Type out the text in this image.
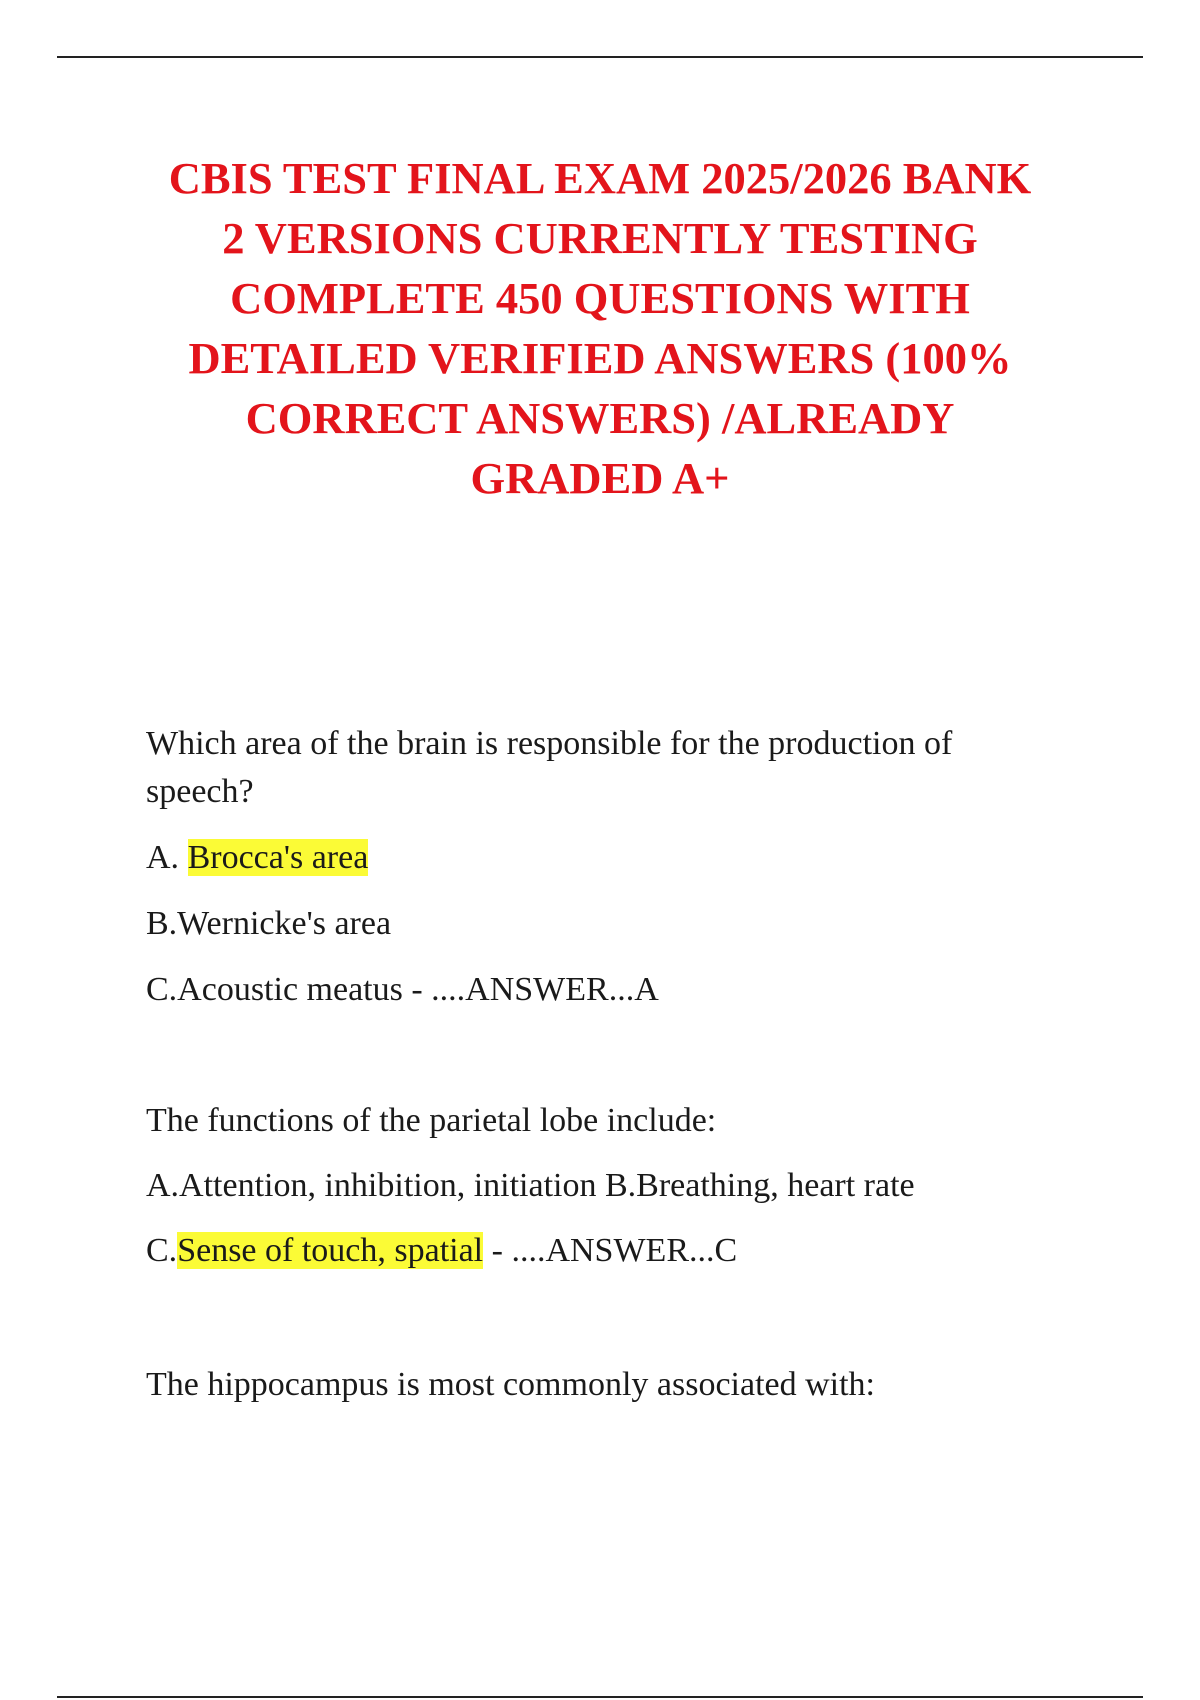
CBIS TEST FINAL EXAM 2025/2026 BANK
2 VERSIONS CURRENTLY TESTING
COMPLETE 450 QUESTIONS WITH
DETAILED VERIFIED ANSWERS (100%
CORRECT ANSWERS) /ALREADY
GRADED A+

Which area of the brain is responsible for the production of

speech?

A. Brocca's area

B.Wernicke's area

C.Acoustic meatus - ....ANSWER...A

The functions of the parietal lobe include:

A.Attention, inhibition, initiation B.Breathing, heart rate

C.Sense of touch, spatial - ....ANSWER...C

The hippocampus is most commonly associated with:
